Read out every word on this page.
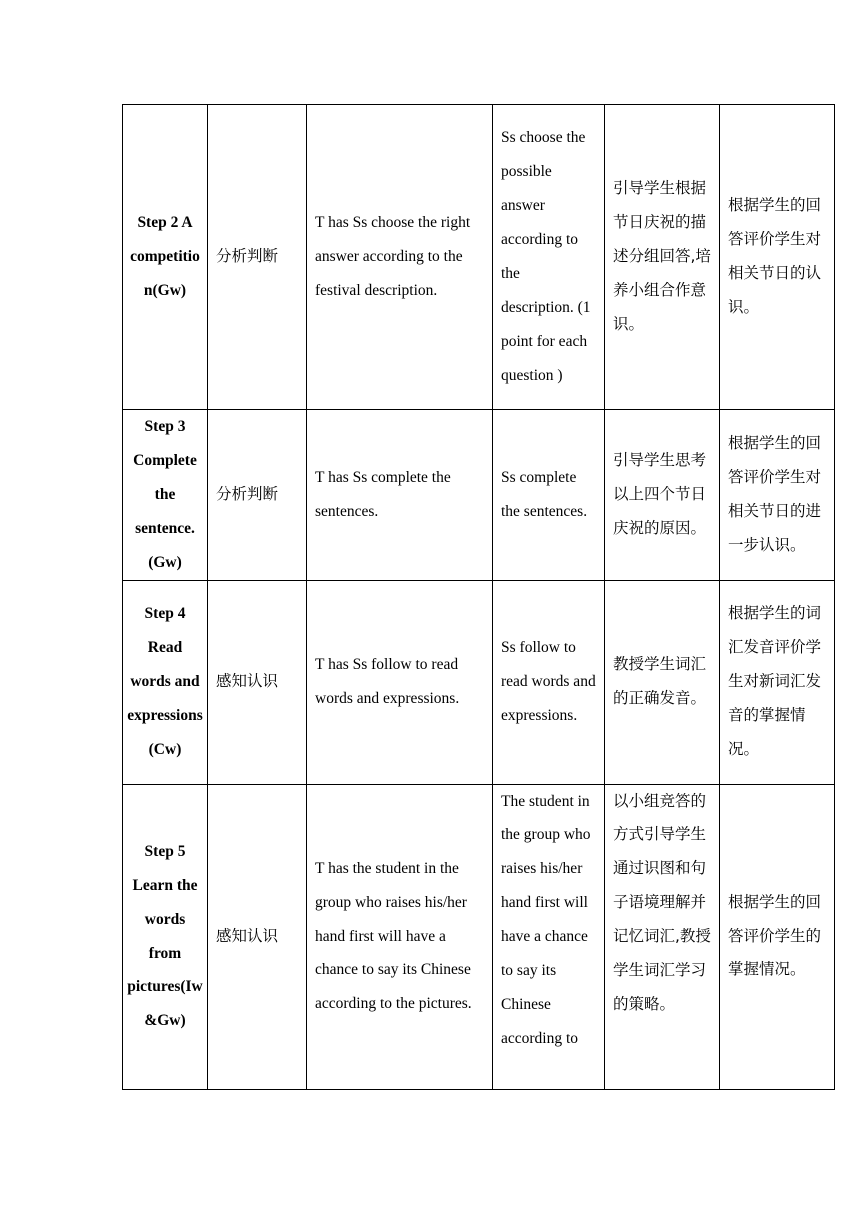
Step 2 A competition(Gw)	分析判断	T has Ss choose the right answer according to the festival description.	Ss choose the possible answer according to the description. (1 point for each question )	引导学生根据节日庆祝的描述分组回答,培养小组合作意识。	根据学生的回答评价学生对相关节日的认识。
Step 3 Complete the sentence.(Gw)	分析判断	T has Ss complete the sentences.	Ss complete the sentences.	引导学生思考以上四个节日庆祝的原因。	根据学生的回答评价学生对相关节日的进一步认识。
Step 4 Read words and expressions(Cw)	感知认识	T has Ss follow to read words and expressions.	Ss follow to read words and expressions.	教授学生词汇的正确发音。	根据学生的词汇发音评价学生对新词汇发音的掌握情况。
Step 5 Learn the words from pictures(Iw &Gw)	感知认识	T has the student in the group who raises his/her hand first will have a chance to say its Chinese according to the pictures.	The student in the group who raises his/her hand first will have a chance to say its Chinese according to	以小组竞答的方式引导学生通过识图和句子语境理解并记忆词汇,教授学生词汇学习的策略。	根据学生的回答评价学生的掌握情况。
